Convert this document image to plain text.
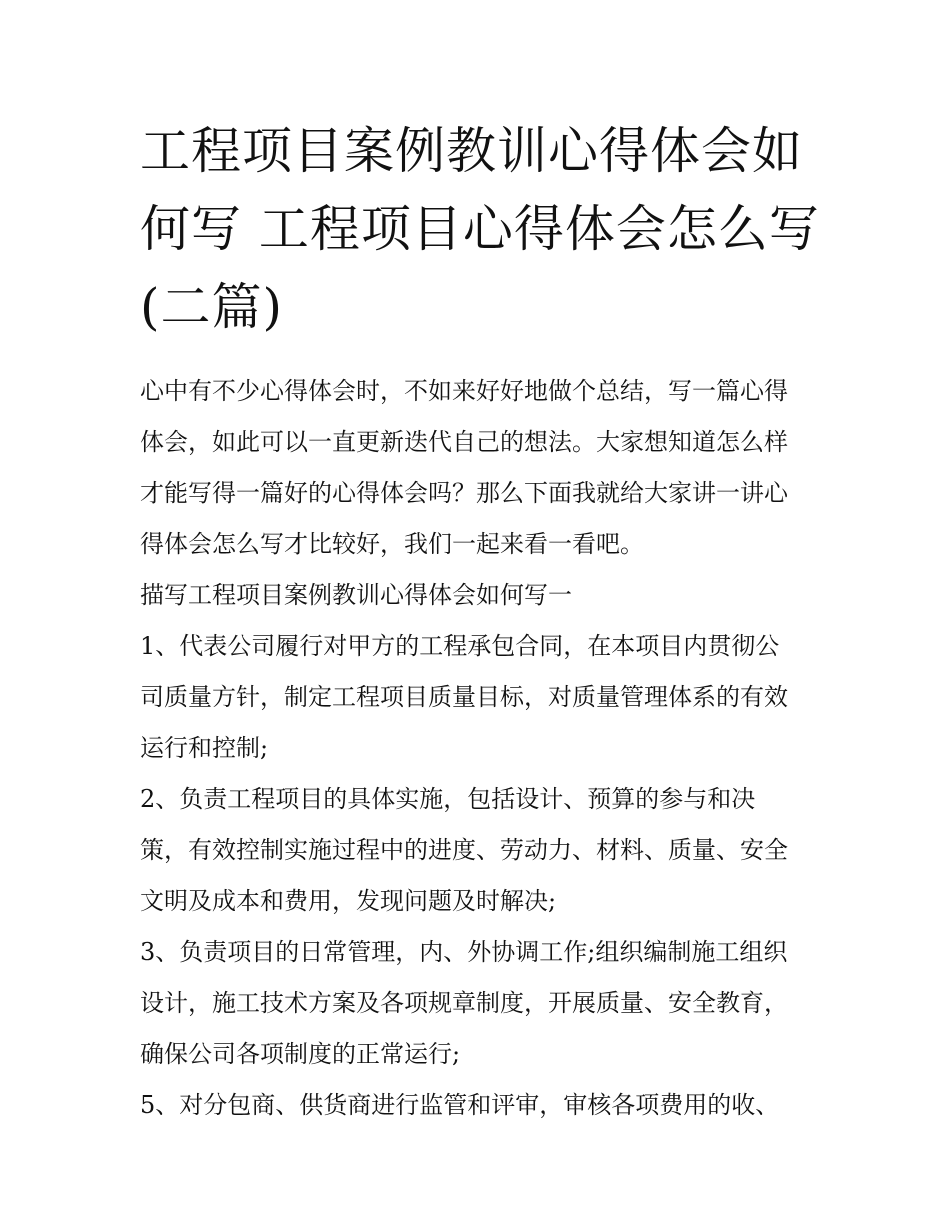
工程项目案例教训心得体会如
何写 工程项目心得体会怎么写
(二篇)
心中有不少心得体会时，不如来好好地做个总结，写一篇心得
体会，如此可以一直更新迭代自己的想法。大家想知道怎么样
才能写得一篇好的心得体会吗？那么下面我就给大家讲一讲心
得体会怎么写才比较好，我们一起来看一看吧。
描写工程项目案例教训心得体会如何写一
1、代表公司履行对甲方的工程承包合同，在本项目内贯彻公
司质量方针，制定工程项目质量目标，对质量管理体系的有效
运行和控制;
2、负责工程项目的具体实施，包括设计、预算的参与和决
策，有效控制实施过程中的进度、劳动力、材料、质量、安全
文明及成本和费用，发现问题及时解决;
3、负责项目的日常管理，内、外协调工作;组织编制施工组织
设计，施工技术方案及各项规章制度，开展质量、安全教育，
确保公司各项制度的正常运行;
5、对分包商、供货商进行监管和评审，审核各项费用的收、
